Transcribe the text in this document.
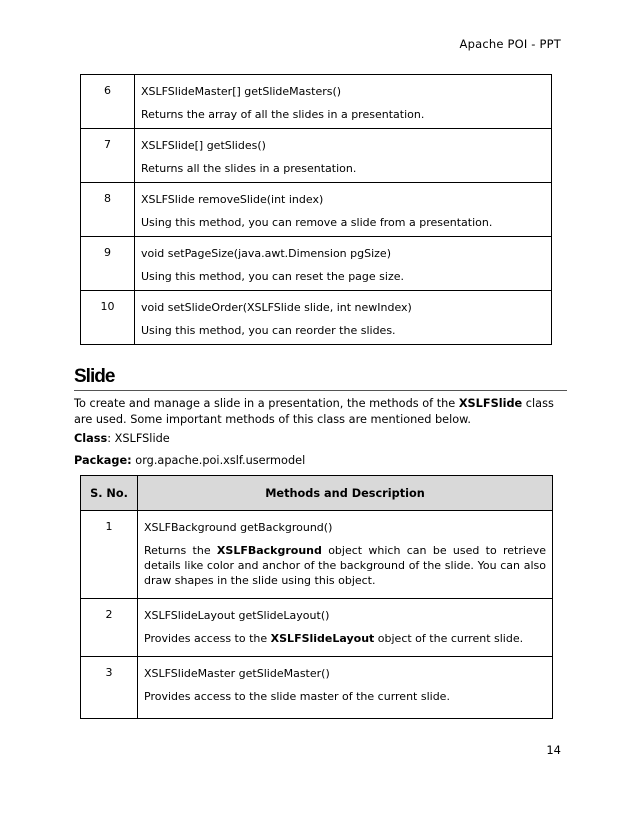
Apache POI - PPT
6	XSLFSlideMaster[] getSlideMasters()

Returns the array of all the slides in a presentation.

7	XSLFSlide[] getSlides()

Returns all the slides in a presentation.

8	XSLFSlide removeSlide(int index)

Using this method, you can remove a slide from a presentation.

9	void setPageSize(java.awt.Dimension pgSize)

Using this method, you can reset the page size.

10	void setSlideOrder(XSLFSlide slide, int newIndex)

Using this method, you can reorder the slides.

Slide

To create and manage a slide in a presentation, the methods of the XSLFSlide class are used. Some important methods of this class are mentioned below.

Class: XSLFSlide

Package: org.apache.poi.xslf.usermodel

S. No.	Methods and Description
1	XSLFBackground getBackground()

Returns the XSLFBackground object which can be used to retrieve details like color and anchor of the background of the slide. You can also draw shapes in the slide using this object.

2	XSLFSlideLayout getSlideLayout()

Provides access to the XSLFSlideLayout object of the current slide.

3	XSLFSlideMaster getSlideMaster()

Provides access to the slide master of the current slide.

14
